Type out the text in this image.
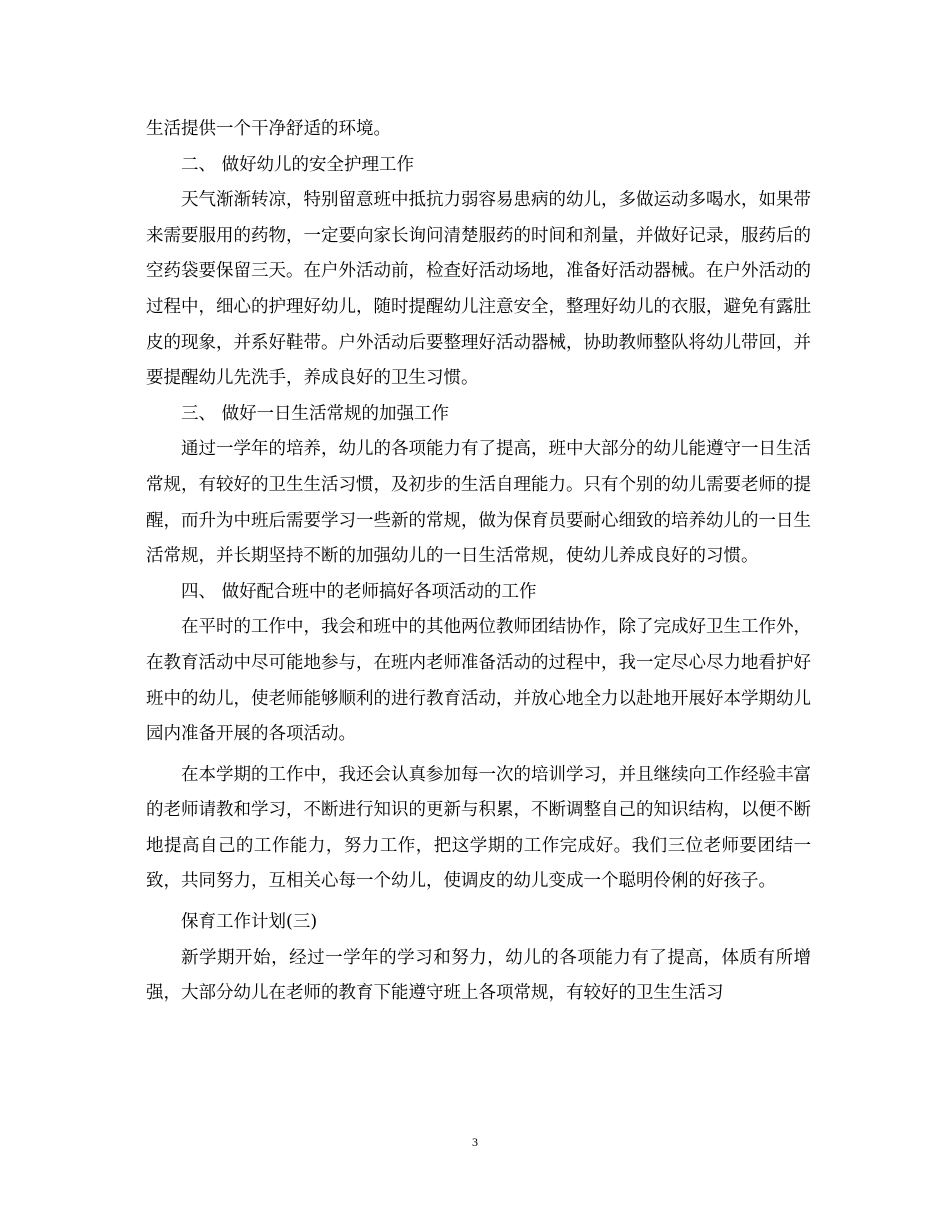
生活提供一个干净舒适的环境。

二、 做好幼儿的安全护理工作

天气渐渐转凉，特别留意班中抵抗力弱容易患病的幼儿，多做运动多喝水，如果带来需要服用的药物，一定要向家长询问清楚服药的时间和剂量，并做好记录，服药后的空药袋要保留三天。在户外活动前，检查好活动场地，准备好活动器械。在户外活动的过程中，细心的护理好幼儿，随时提醒幼儿注意安全，整理好幼儿的衣服，避免有露肚皮的现象，并系好鞋带。户外活动后要整理好活动器械，协助教师整队将幼儿带回，并要提醒幼儿先洗手，养成良好的卫生习惯。

三、 做好一日生活常规的加强工作

通过一学年的培养，幼儿的各项能力有了提高，班中大部分的幼儿能遵守一日生活常规，有较好的卫生生活习惯，及初步的生活自理能力。只有个别的幼儿需要老师的提醒，而升为中班后需要学习一些新的常规，做为保育员要耐心细致的培养幼儿的一日生活常规，并长期坚持不断的加强幼儿的一日生活常规，使幼儿养成良好的习惯。

四、 做好配合班中的老师搞好各项活动的工作

在平时的工作中，我会和班中的其他两位教师团结协作，除了完成好卫生工作外，在教育活动中尽可能地参与，在班内老师准备活动的过程中，我一定尽心尽力地看护好班中的幼儿，使老师能够顺利的进行教育活动，并放心地全力以赴地开展好本学期幼儿园内准备开展的各项活动。

在本学期的工作中，我还会认真参加每一次的培训学习，并且继续向工作经验丰富的老师请教和学习，不断进行知识的更新与积累，不断调整自己的知识结构，以便不断地提高自己的工作能力，努力工作，把这学期的工作完成好。我们三位老师要团结一致，共同努力，互相关心每一个幼儿，使调皮的幼儿变成一个聪明伶俐的好孩子。

保育工作计划(三)

新学期开始，经过一学年的学习和努力，幼儿的各项能力有了提高，体质有所增强，大部分幼儿在老师的教育下能遵守班上各项常规，有较好的卫生生活习

3
